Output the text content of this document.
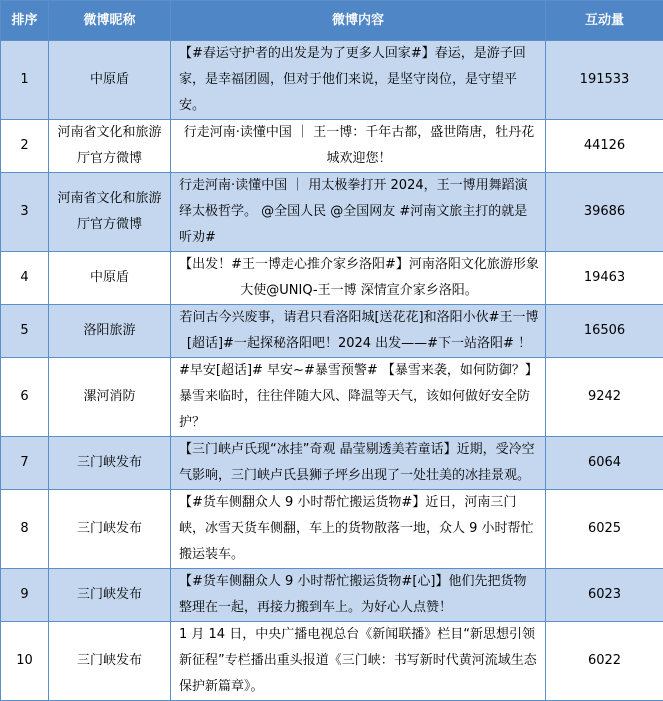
排序	微博昵称	微博内容	互动量
1	中原盾	【#春运守护者的出发是为了更多人回家#】春运，是游子回家，是幸福团圆，但对于他们来说，是坚守岗位，是守望平安。	191533
2	河南省文化和旅游厅官方微博	行走河南·读懂中国 ｜ 王一博：千年古都，盛世隋唐，牡丹花城欢迎您！	44126
3	河南省文化和旅游厅官方微博	行走河南·读懂中国 ｜ 用太极拳打开 2024，王一博用舞蹈演绎太极哲学。 @全国人民 @全国网友 #河南文旅主打的就是听劝#	39686
4	中原盾	【出发！#王一博走心推介家乡洛阳#】河南洛阳文化旅游形象大使@UNIQ-王一博 深情宣介家乡洛阳。	19463
5	洛阳旅游	若问古今兴废事，请君只看洛阳城[送花花]和洛阳小伙#王一博[超话]#一起探秘洛阳吧！2024 出发——#下一站洛阳# ！	16506
6	漯河消防	#早安[超话]# 早安~#暴雪预警# 【暴雪来袭，如何防御？】暴雪来临时，往往伴随大风、降温等天气，该如何做好安全防护？	9242
7	三门峡发布	【三门峡卢氏现“冰挂”奇观 晶莹剔透美若童话】近期，受冷空气影响，三门峡卢氏县狮子坪乡出现了一处壮美的冰挂景观。	6064
8	三门峡发布	【#货车侧翻众人 9 小时帮忙搬运货物#】近日，河南三门峡，冰雪天货车侧翻，车上的货物散落一地，众人 9 小时帮忙搬运装车。	6025
9	三门峡发布	【#货车侧翻众人 9 小时帮忙搬运货物#[心]】他们先把货物整理在一起，再接力搬到车上。为好心人点赞！	6023
10	三门峡发布	1 月 14 日，中央广播电视总台《新闻联播》栏目“新思想引领新征程”专栏播出重头报道《三门峡：书写新时代黄河流域生态保护新篇章》。	6022
